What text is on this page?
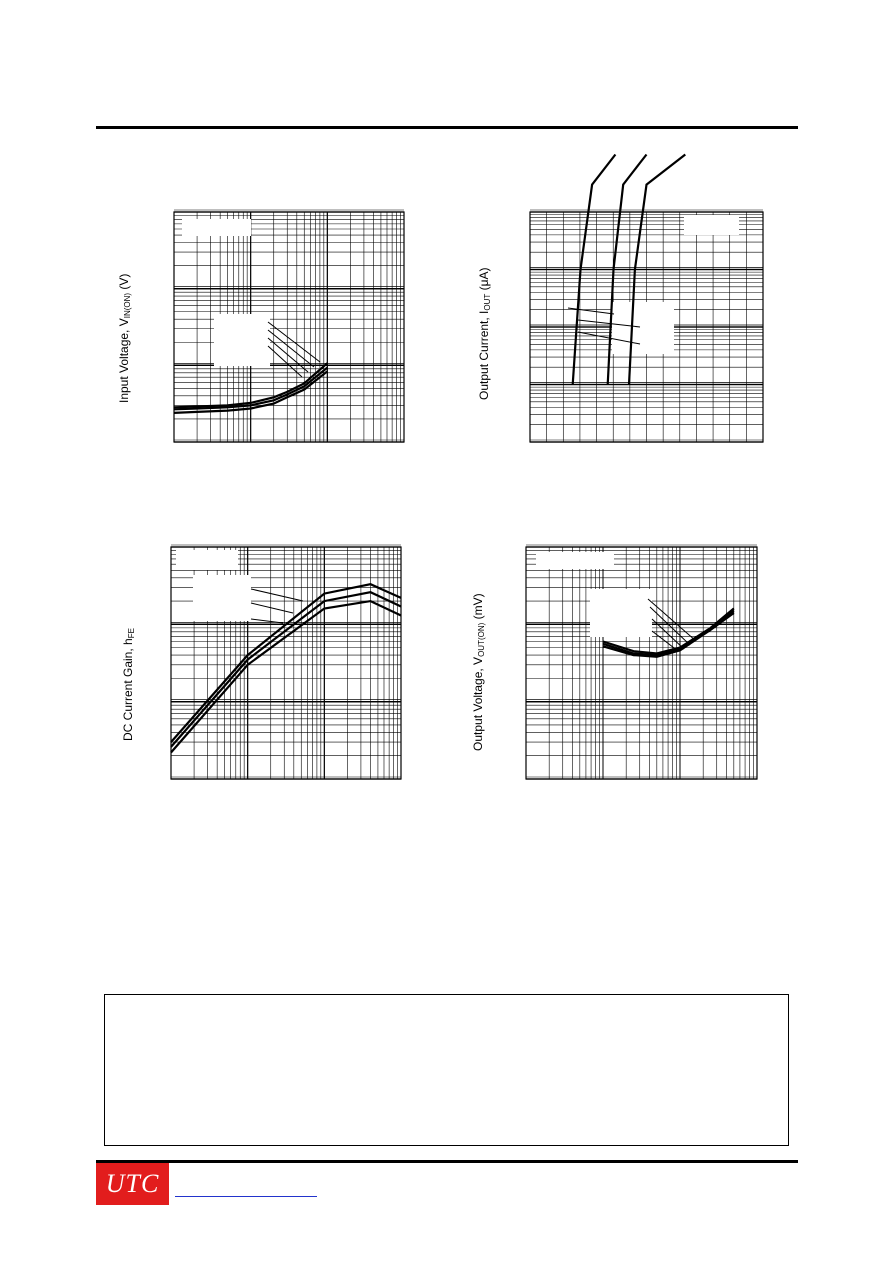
Input Voltage, $V_{IN(ON)}$ (V)
Output Current, $I_{OUT}$ (μA)
DC Current Gain, $h_{FE}$
Output Voltage, $V_{OUT(ON)}$ (mV)
UTC
